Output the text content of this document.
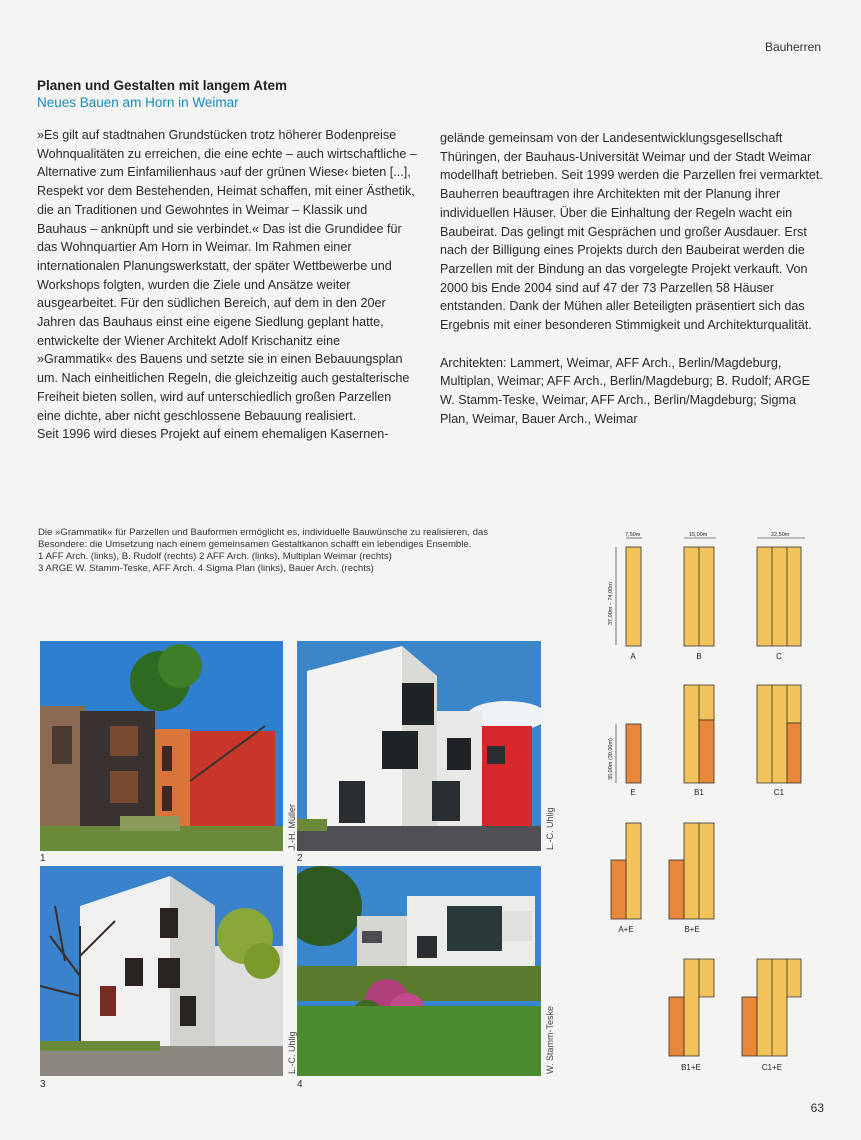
Bauherren

Planen und Gestalten mit langem Atem

Neues Bauen am Horn in Weimar

»Es gilt auf stadtnahen Grundstücken trotz höherer Bodenpreise Wohnqualitäten zu erreichen, die eine echte – auch wirtschaftliche – Alternative zum Einfamilienhaus ›auf der grünen Wiese‹ bieten [...], Respekt vor dem Bestehenden, Heimat schaffen, mit einer Ästhetik, die an Traditionen und Gewohntes in Weimar – Klassik und Bauhaus – anknüpft und sie verbindet.« Das ist die Grundidee für das Wohnquartier Am Horn in Weimar. Im Rahmen einer internationalen Planungswerkstatt, der später Wettbewerbe und Workshops folgten, wurden die Ziele und Ansätze weiter ausgearbeitet. Für den südlichen Bereich, auf dem in den 20er Jahren das Bauhaus einst eine eigene Siedlung geplant hatte, entwickelte der Wiener Architekt Adolf Krischanitz eine »Grammatik« des Bauens und setzte sie in einen Bebauungsplan um. Nach einheitlichen Regeln, die gleichzeitig auch gestalterische Freiheit bieten sollen, wird auf unterschiedlich großen Parzellen eine dichte, aber nicht geschlossene Bebauung realisiert.

Seit 1996 wird dieses Projekt auf einem ehemaligen Kasernen-

gelände gemeinsam von der Landesentwicklungsgesellschaft Thüringen, der Bauhaus-Universität Weimar und der Stadt Weimar modellhaft betrieben. Seit 1999 werden die Parzellen frei vermarktet. Bauherren beauftragen ihre Architekten mit der Planung ihrer individuellen Häuser. Über die Einhaltung der Regeln wacht ein Baubeirat. Das gelingt mit Gesprächen und großer Ausdauer. Erst nach der Billigung eines Projekts durch den Baubeirat werden die Parzellen mit der Bindung an das vorgelegte Projekt verkauft. Von 2000 bis Ende 2004 sind auf 47 der 73 Parzellen 58 Häuser entstanden. Dank der Mühen aller Beteiligten präsentiert sich das Ergebnis mit einer besonderen Stimmigkeit und Architekturqualität.

Architekten: Lammert, Weimar, AFF Arch., Berlin/Magdeburg, Multiplan, Weimar; AFF Arch., Berlin/Magdeburg; B. Rudolf; ARGE W. Stamm-Teske, Weimar, AFF Arch., Berlin/Magdeburg; Sigma Plan, Weimar, Bauer Arch., Weimar

Die »Grammatik« für Parzellen und Bauformen ermöglicht es, individuelle Bauwünsche zu realisieren, das Besondere: die Umsetzung nach einem gemeinsamen Gestaltkanon schafft ein lebendiges Ensemble.

1 AFF Arch. (links), B. Rudolf (rechts) 2 AFF Arch. (links), Multiplan Weimar (rechts)

3 ARGE W. Stamm-Teske, AFF Arch. 4 Sigma Plan (links), Bauer Arch. (rechts)

1
J.-H. Müller
2
L.-C. Uhlig
3
L.-C. Uhlig
4
W. Stamm-Teske
7,50m	15,00m	22,50m
37,00m – 74,00m
35,00m (30,00m)
A	B	C
E	B1	C1
A+E	B+E
B1+E	C1+E
63
